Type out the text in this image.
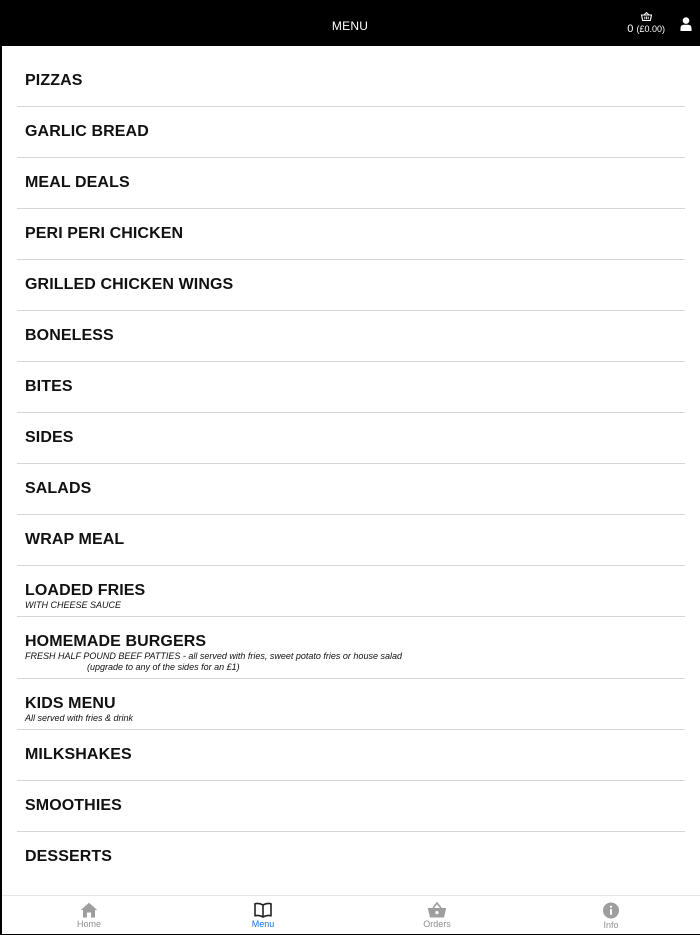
MENU	0 (£0.00)
PIZZAS
GARLIC BREAD
MEAL DEALS
PERI PERI CHICKEN
GRILLED CHICKEN WINGS
BONELESS
BITES
SIDES
SALADS
WRAP MEAL
LOADED FRIES
WITH CHEESE SAUCE
HOMEMADE BURGERS
FRESH HALF POUND BEEF PATTIES - all served with fries, sweet potato fries or house salad
(upgrade to any of the sides for an £1)
KIDS MENU
All served with fries & drink
MILKSHAKES
SMOOTHIES
DESSERTS
Home	Menu	Orders	Info
